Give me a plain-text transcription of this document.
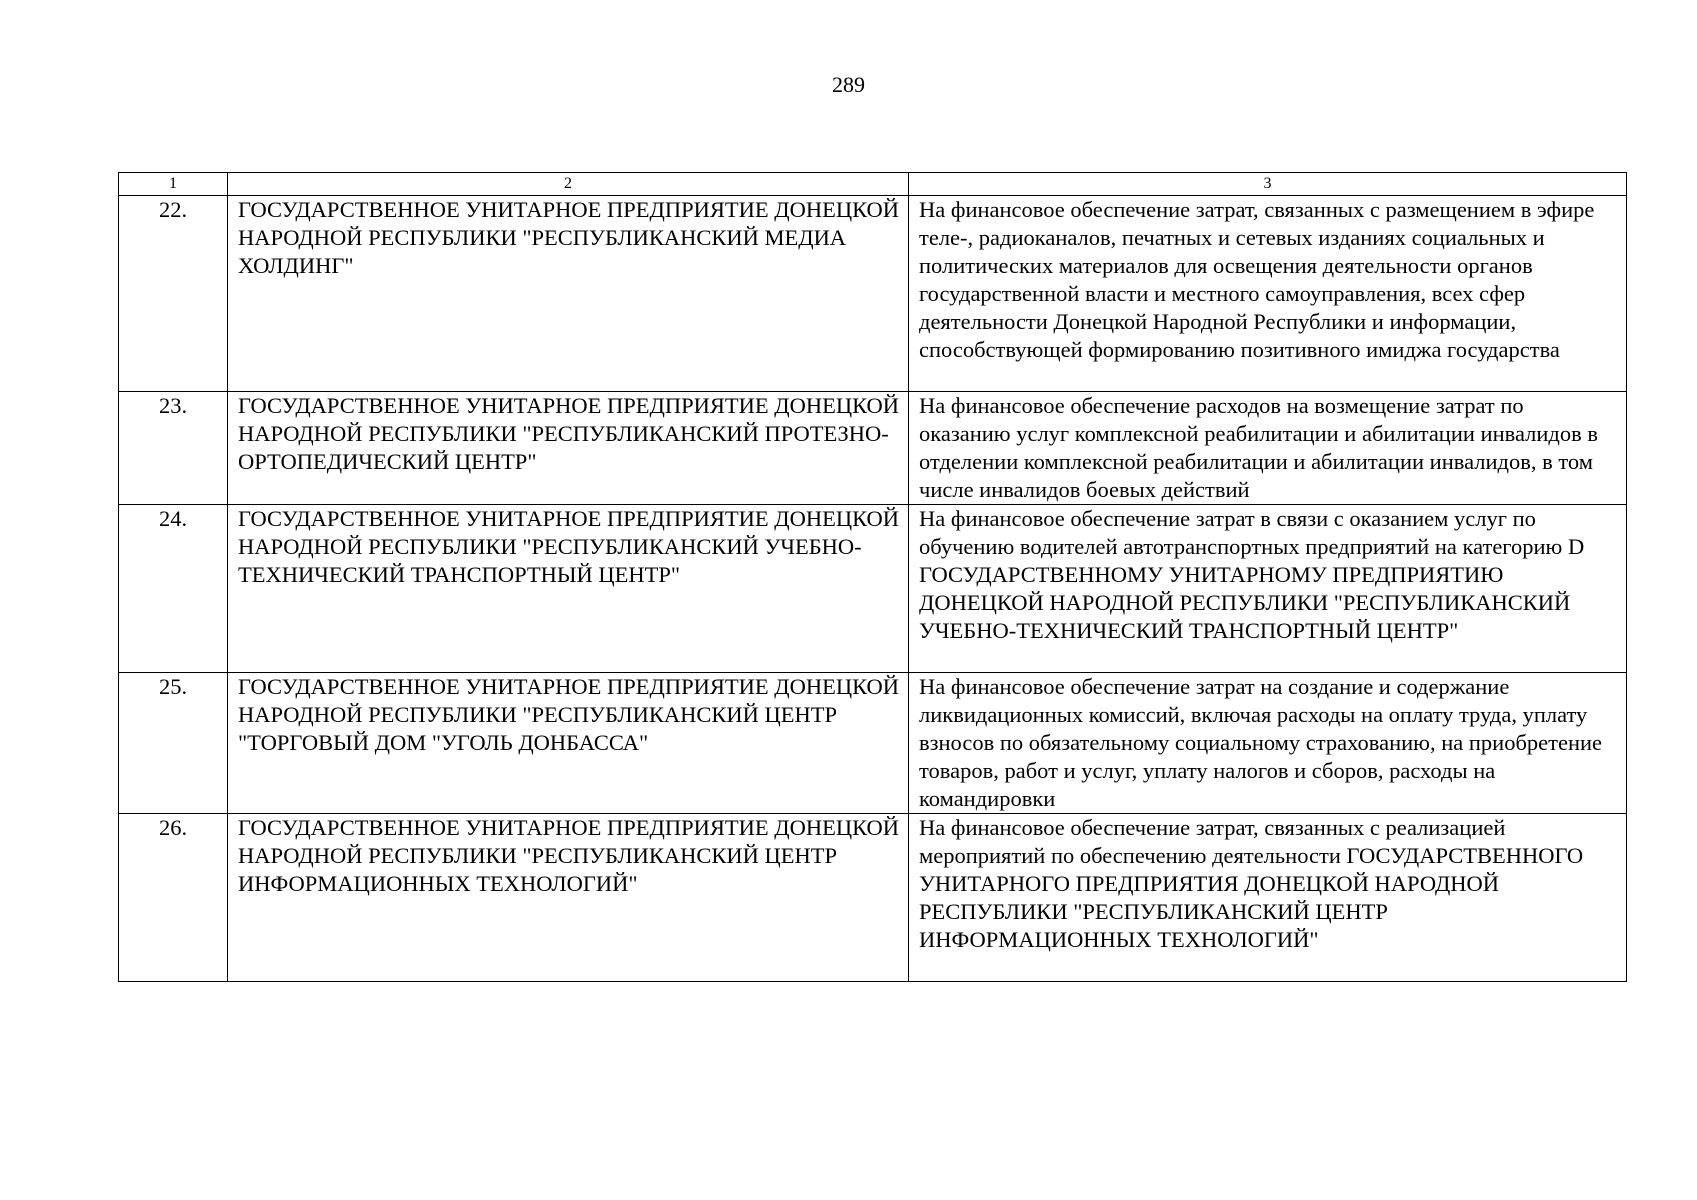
289
1	2	3
22.	ГОСУДАРСТВЕННОЕ УНИТАРНОЕ ПРЕДПРИЯТИЕ ДОНЕЦКОЙ НАРОДНОЙ РЕСПУБЛИКИ "РЕСПУБЛИКАНСКИЙ МЕДИА ХОЛДИНГ"	На финансовое обеспечение затрат, связанных с размещением в эфире теле-, радиоканалов, печатных и сетевых изданиях социальных и политических материалов для освещения деятельности органов государственной власти и местного самоуправления, всех сфер деятельности Донецкой Народной Республики и информации, способствующей формированию позитивного имиджа государства
23.	ГОСУДАРСТВЕННОЕ УНИТАРНОЕ ПРЕДПРИЯТИЕ ДОНЕЦКОЙ НАРОДНОЙ РЕСПУБЛИКИ "РЕСПУБЛИКАНСКИЙ ПРОТЕЗНО-ОРТОПЕДИЧЕСКИЙ ЦЕНТР"	На финансовое обеспечение расходов на возмещение затрат по оказанию услуг комплексной реабилитации и абилитации инвалидов в отделении комплексной реабилитации и абилитации инвалидов, в том числе инвалидов боевых действий
24.	ГОСУДАРСТВЕННОЕ УНИТАРНОЕ ПРЕДПРИЯТИЕ ДОНЕЦКОЙ НАРОДНОЙ РЕСПУБЛИКИ "РЕСПУБЛИКАНСКИЙ УЧЕБНО-ТЕХНИЧЕСКИЙ ТРАНСПОРТНЫЙ ЦЕНТР"	На финансовое обеспечение затрат в связи с оказанием услуг по обучению водителей автотранспортных предприятий на категорию D ГОСУДАРСТВЕННОМУ УНИТАРНОМУ ПРЕДПРИЯТИЮ ДОНЕЦКОЙ НАРОДНОЙ РЕСПУБЛИКИ "РЕСПУБЛИКАНСКИЙ УЧЕБНО-ТЕХНИЧЕСКИЙ ТРАНСПОРТНЫЙ ЦЕНТР"
25.	ГОСУДАРСТВЕННОЕ УНИТАРНОЕ ПРЕДПРИЯТИЕ ДОНЕЦКОЙ НАРОДНОЙ РЕСПУБЛИКИ "РЕСПУБЛИКАНСКИЙ ЦЕНТР "ТОРГОВЫЙ ДОМ "УГОЛЬ ДОНБАССА"	На финансовое обеспечение затрат на создание и содержание ликвидационных комиссий, включая расходы на оплату труда, уплату взносов по обязательному социальному страхованию, на приобретение товаров, работ и услуг, уплату налогов и сборов, расходы на командировки
26.	ГОСУДАРСТВЕННОЕ УНИТАРНОЕ ПРЕДПРИЯТИЕ ДОНЕЦКОЙ НАРОДНОЙ РЕСПУБЛИКИ "РЕСПУБЛИКАНСКИЙ ЦЕНТР ИНФОРМАЦИОННЫХ ТЕХНОЛОГИЙ"	На финансовое обеспечение затрат, связанных с реализацией мероприятий по обеспечению деятельности ГОСУДАРСТВЕННОГО УНИТАРНОГО ПРЕДПРИЯТИЯ ДОНЕЦКОЙ НАРОДНОЙ РЕСПУБЛИКИ "РЕСПУБЛИКАНСКИЙ ЦЕНТР ИНФОРМАЦИОННЫХ ТЕХНОЛОГИЙ"
